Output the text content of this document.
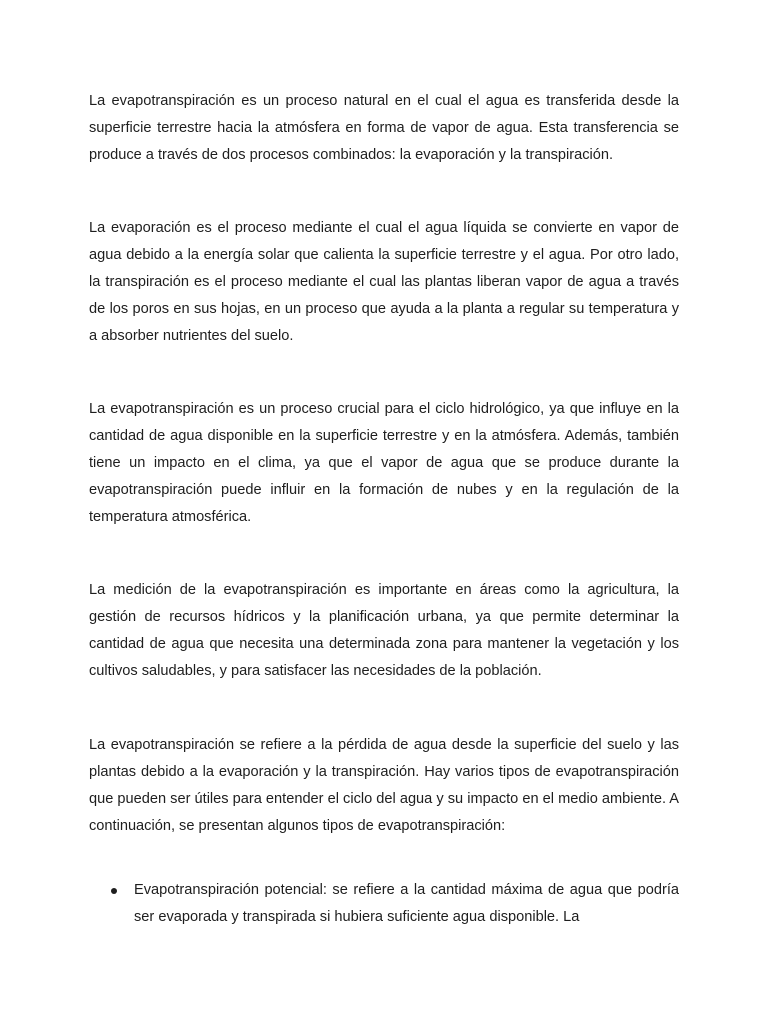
La evapotranspiración es un proceso natural en el cual el agua es transferida desde la superficie terrestre hacia la atmósfera en forma de vapor de agua. Esta transferencia se produce a través de dos procesos combinados: la evaporación y la transpiración.

La evaporación es el proceso mediante el cual el agua líquida se convierte en vapor de agua debido a la energía solar que calienta la superficie terrestre y el agua. Por otro lado, la transpiración es el proceso mediante el cual las plantas liberan vapor de agua a través de los poros en sus hojas, en un proceso que ayuda a la planta a regular su temperatura y a absorber nutrientes del suelo.

La evapotranspiración es un proceso crucial para el ciclo hidrológico, ya que influye en la cantidad de agua disponible en la superficie terrestre y en la atmósfera. Además, también tiene un impacto en el clima, ya que el vapor de agua que se produce durante la evapotranspiración puede influir en la formación de nubes y en la regulación de la temperatura atmosférica.

La medición de la evapotranspiración es importante en áreas como la agricultura, la gestión de recursos hídricos y la planificación urbana, ya que permite determinar la cantidad de agua que necesita una determinada zona para mantener la vegetación y los cultivos saludables, y para satisfacer las necesidades de la población.

La evapotranspiración se refiere a la pérdida de agua desde la superficie del suelo y las plantas debido a la evaporación y la transpiración. Hay varios tipos de evapotranspiración que pueden ser útiles para entender el ciclo del agua y su impacto en el medio ambiente. A continuación, se presentan algunos tipos de evapotranspiración:

Evapotranspiración potencial: se refiere a la cantidad máxima de agua que podría ser evaporada y transpirada si hubiera suficiente agua disponible. La
